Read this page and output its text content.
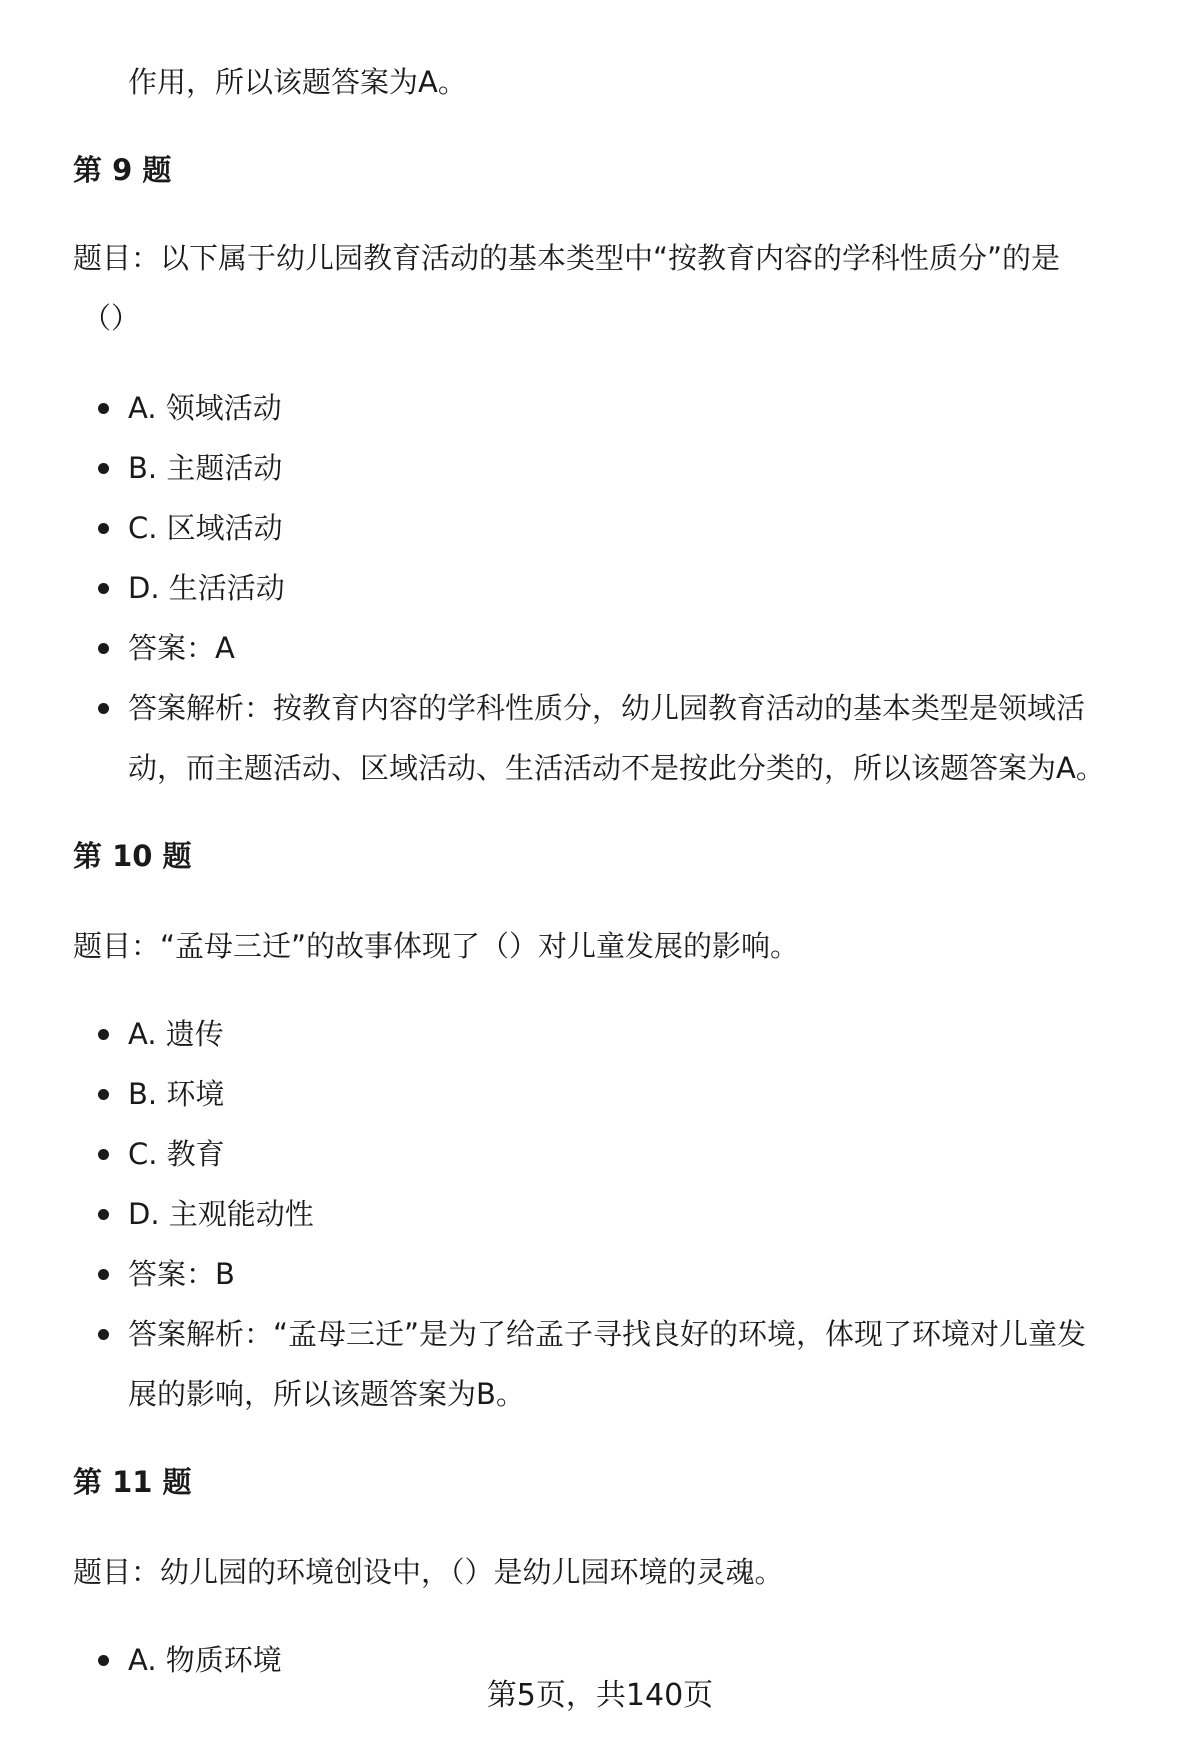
作用，所以该题答案为A。
第 9 题
题目：以下属于幼儿园教育活动的基本类型中“按教育内容的学科性质分”的是
（）
A. 领域活动
B. 主题活动
C. 区域活动
D. 生活活动
答案：A
答案解析：按教育内容的学科性质分，幼儿园教育活动的基本类型是领域活
动，而主题活动、区域活动、生活活动不是按此分类的，所以该题答案为A。
第 10 题
题目：“孟母三迁”的故事体现了（）对儿童发展的影响。
A. 遗传
B. 环境
C. 教育
D. 主观能动性
答案：B
答案解析：“孟母三迁”是为了给孟子寻找良好的环境，体现了环境对儿童发
展的影响，所以该题答案为B。
第 11 题
题目：幼儿园的环境创设中，（）是幼儿园环境的灵魂。
A. 物质环境
第5页，共140页
